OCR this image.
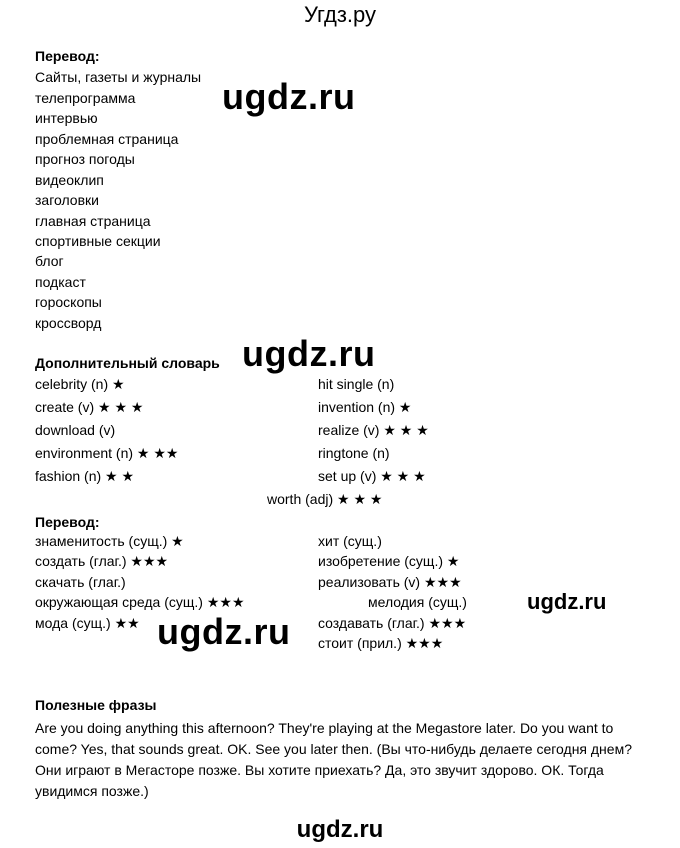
Угдз.ру
Перевод:
Сайты, газеты и журналы
телепрограмма
интервью
проблемная страница
прогноз погоды
видеоклип
заголовки
главная страница
спортивные секции
блог
подкаст
гороскопы
кроссворд
ugdz.ru
Дополнительный словарь ugdz.ru
celebrity (n) ★
create (v) ★ ★ ★
download (v)
environment (n) ★ ★★
fashion (n) ★ ★
hit single (n)
invention (n) ★
realize (v) ★ ★ ★
ringtone (n)
set up (v) ★ ★ ★
worth (adj) ★ ★ ★
Перевод:
знаменитость (сущ.) ★
создать (глаг.) ★★★
скачать (глаг.)
окружающая среда (сущ.) ★★★
мода (сущ.) ★★
хит (сущ.)
изобретение (сущ.) ★
реализовать (v) ★★★
мелодия (сущ.)
создавать (глаг.) ★★★
стоит (прил.) ★★★
ugdz.ru
ugdz.ru
Полезные фразы
Are you doing anything this afternoon? They're playing at the Megastore later. Do you want to come? Yes, that sounds great. OK. See you later then. (Вы что-нибудь делаете сегодня днем? Они играют в Мегасторе позже. Вы хотите приехать? Да, это звучит здорово. ОК. Тогда увидимся позже.)
ugdz.ru
